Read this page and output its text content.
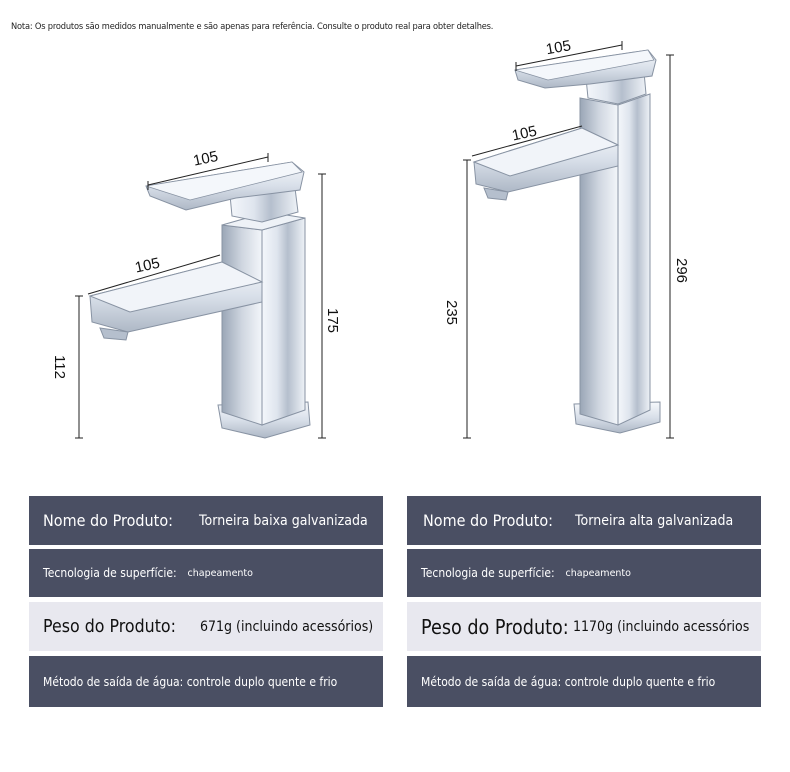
Nota: Os produtos são medidos manualmente e são apenas para referência. Consulte o produto real para obter detalhes.
105
105
175
112
105
105
296
235
Nome do Produto: Torneira baixa galvanizada
Tecnologia de superfície: chapeamento
Peso do Produto: 671g (incluindo acessórios)
Método de saída de água: controle duplo quente e frio
Nome do Produto: Torneira alta galvanizada
Tecnologia de superfície: chapeamento
Peso do Produto: 1170g (incluindo acessórios
Método de saída de água: controle duplo quente e frio
